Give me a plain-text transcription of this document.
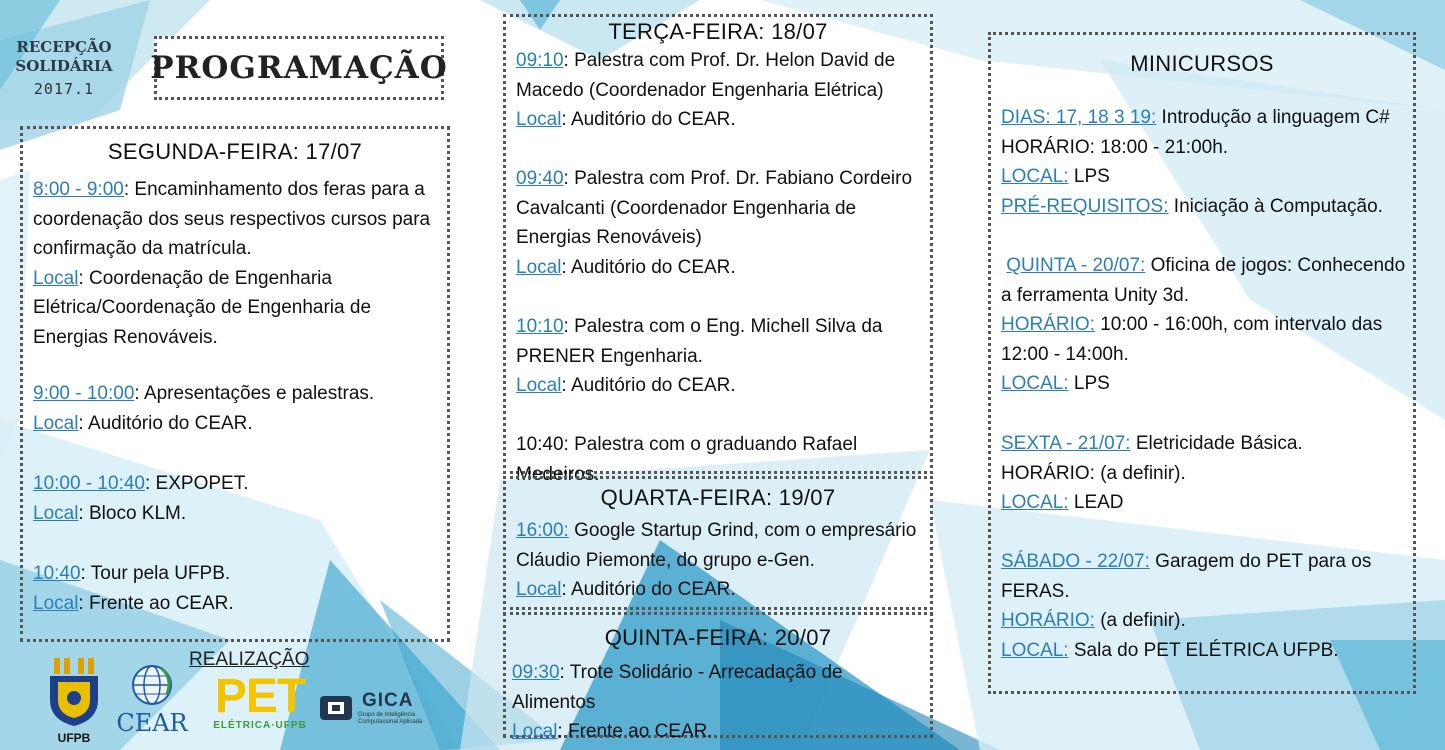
RECEPÇÃO
SOLIDÁRIA
2017.1
PROGRAMAÇÃO
SEGUNDA-FEIRA: 17/07
8:00 - 9:00: Encaminhamento dos feras para a coordenação dos seus respectivos cursos para confirmação da matrícula.
Local: Coordenação de Engenharia Elétrica/Coordenação de Engenharia de Energias Renováveis.
9:00 - 10:00: Apresentações e palestras.
Local: Auditório do CEAR.
10:00 - 10:40: EXPOPET.
Local: Bloco KLM.
10:40: Tour pela UFPB.
Local: Frente ao CEAR.
TERÇA-FEIRA: 18/07
09:10: Palestra com Prof. Dr. Helon David de Macedo (Coordenador Engenharia Elétrica)
Local: Auditório do CEAR.
09:40: Palestra com Prof. Dr. Fabiano Cordeiro Cavalcanti (Coordenador Engenharia de Energias Renováveis)
Local: Auditório do CEAR.
10:10: Palestra com o Eng. Michell Silva da PRENER Engenharia.
Local: Auditório do CEAR.
10:40: Palestra com o graduando Rafael Medeiros.
QUARTA-FEIRA: 19/07
16:00: Google Startup Grind, com o empresário Cláudio Piemonte, do grupo e-Gen.
Local: Auditório do CEAR.
QUINTA-FEIRA: 20/07
09:30: Trote Solidário - Arrecadação de Alimentos
Local: Frente ao CEAR.
MINICURSOS
DIAS: 17, 18 3 19: Introdução a linguagem C#
HORÁRIO: 18:00 - 21:00h.
LOCAL: LPS
PRÉ-REQUISITOS: Iniciação à Computação.
QUINTA - 20/07: Oficina de jogos: Conhecendo a ferramenta Unity 3d.
HORÁRIO: 10:00 - 16:00h, com intervalo das 12:00 - 14:00h.
LOCAL: LPS
SEXTA - 21/07: Eletricidade Básica.
HORÁRIO: (a definir).
LOCAL: LEAD
SÁBADO - 22/07: Garagem do PET para os FERAS.
HORÁRIO: (a definir).
LOCAL: Sala do PET ELÉTRICA UFPB.
REALIZAÇÃO
UFPB
CEAR PET
ELÉTRICA·UFPB
GICA
Grupo de Inteligência
Computacional Aplicada
